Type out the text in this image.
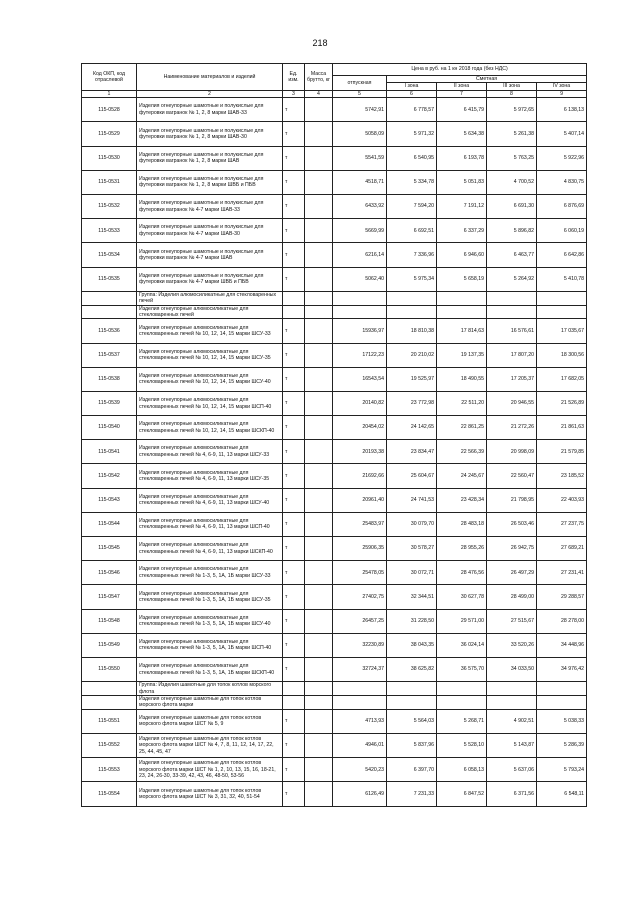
218
Код ОКП, код отраслевой	Наименование материалов и изделий	Ед. изм.	Масса брутто, кг	Цена в руб. на 1 кн 2018 года (без НДС)				
				отпускная	Сметная			
					I зона	II зона	III зона	IV зона
1	2	3	4	5	6	7	8	9
115-0528	Изделия огнеупорные шамотные и полукислые для футеровки вагранок № 1, 2, 8 марки ШАВ-33	т		5742,91	6 778,57	6 415,79	5 972,65	6 138,13
115-0529	Изделия огнеупорные шамотные и полукислые для футеровки вагранок № 1, 2, 8 марки ШАВ-30	т		5058,09	5 971,32	5 634,38	5 261,38	5 407,14
115-0530	Изделия огнеупорные шамотные и полукислые для футеровки вагранок № 1, 2, 8 марки ШАВ	т		5541,59	6 540,95	6 193,78	5 763,25	5 922,96
115-0531	Изделия огнеупорные шамотные и полукислые для футеровки вагранок № 1, 2, 8 марки ШВБ и ПБВ	т		4518,71	5 334,78	5 051,83	4 700,52	4 830,75
115-0532	Изделия огнеупорные шамотные и полукислые для футеровки вагранок № 4-7 марки ШАВ-33	т		6433,92	7 594,20	7 191,12	6 691,30	6 876,69
115-0533	Изделия огнеупорные шамотные и полукислые для футеровки вагранок № 4-7 марки ШАВ-30	т		5669,99	6 692,51	6 337,29	5 896,82	6 060,19
115-0534	Изделия огнеупорные шамотные и полукислые для футеровки вагранок № 4-7 марки ШАВ	т		6216,14	7 336,96	6 946,60	6 463,77	6 642,86
115-0535	Изделия огнеупорные шамотные и полукислые для футеровки вагранок № 4-7 марки ШВБ и ПБВ	т		5062,40	5 975,34	5 658,19	5 264,92	5 410,78
	Группа: Изделия алюмосиликатные для стекловаренных печей							
	Изделия огнеупорные алюмосиликатные для стекловаренных печей							
115-0536	Изделия огнеупорные алюмосиликатные для стекловаренных печей № 10, 12, 14, 15 марки ШСУ-33	т		15936,97	18 810,38	17 814,63	16 576,61	17 035,67
115-0537	Изделия огнеупорные алюмосиликатные для стекловаренных печей № 10, 12, 14, 15 марки ШСУ-35	т		17122,23	20 210,02	19 137,35	17 807,20	18 300,56
115-0538	Изделия огнеупорные алюмосиликатные для стекловаренных печей № 10, 12, 14, 15 марки ШСУ-40	т		16543,54	19 525,97	18 490,55	17 205,37	17 682,05
115-0539	Изделия огнеупорные алюмосиликатные для стекловаренных печей № 10, 12, 14, 15 марки ШСП-40	т		20140,82	23 772,98	22 511,20	20 946,55	21 526,89
115-0540	Изделия огнеупорные алюмосиликатные для стекловаренных печей № 10, 12, 14, 15 марки ШСКП-40	т		20454,02	24 142,65	22 861,25	21 272,26	21 861,63
115-0541	Изделия огнеупорные алюмосиликатные для стекловаренных печей № 4, 6-9, 11, 13 марки ШСУ-33	т		20193,38	23 834,47	22 566,39	20 998,09	21 579,85
115-0542	Изделия огнеупорные алюмосиликатные для стекловаренных печей № 4, 6-9, 11, 13 марки ШСУ-35	т		21692,66	25 604,67	24 245,67	22 560,47	23 185,52
115-0543	Изделия огнеупорные алюмосиликатные для стекловаренных печей № 4, 6-9, 11, 13 марки ШСУ-40	т		20961,40	24 741,53	23 428,34	21 798,95	22 403,93
115-0544	Изделия огнеупорные алюмосиликатные для стекловаренных печей № 4, 6-9, 11, 13 марки ШСП-40	т		25483,97	30 079,70	28 483,18	26 503,46	27 237,75
115-0545	Изделия огнеупорные алюмосиликатные для стекловаренных печей № 4, 6-9, 11, 13 марки ШСКП-40	т		25906,35	30 578,27	28 955,26	26 942,75	27 689,21
115-0546	Изделия огнеупорные алюмосиликатные для стекловаренных печей № 1-3, 5, 1А, 1Б марки ШСУ-33	т		25478,05	30 072,71	28 476,56	26 497,29	27 231,41
115-0547	Изделия огнеупорные алюмосиликатные для стекловаренных печей № 1-3, 5, 1А, 1Б марки ШСУ-35	т		27402,75	32 344,51	30 627,78	28 499,00	29 288,57
115-0548	Изделия огнеупорные алюмосиликатные для стекловаренных печей № 1-3, 5, 1А, 1Б марки ШСУ-40	т		26457,25	31 228,50	29 571,00	27 515,67	28 278,00
115-0549	Изделия огнеупорные алюмосиликатные для стекловаренных печей № 1-3, 5, 1А, 1Б марки ШСП-40	т		32230,89	38 043,35	36 024,14	33 520,26	34 448,96
115-0550	Изделия огнеупорные алюмосиликатные для стекловаренных печей № 1-3, 5, 1А, 1Б марки ШСКП-40	т		32724,37	38 625,82	36 575,70	34 033,50	34 976,42
	Группа: Изделия шамотные для топок котлов морского флота							
	Изделия огнеупорные шамотные для топок котлов морского флота марки							
115-0551	Изделия огнеупорные шамотные для топок котлов морского флота марки ШСТ № 5, 9	т		4713,93	5 564,03	5 268,71	4 902,51	5 038,33
115-0552	Изделия огнеупорные шамотные для топок котлов морского флота марки ШСТ № 4, 7, 8, 11, 12, 14, 17, 22, 25, 44, 45, 47	т		4946,01	5 837,96	5 528,10	5 143,87	5 286,39
115-0553	Изделия огнеупорные шамотные для топок котлов морского флота марки ШСТ № 1, 2, 10, 13, 15, 16, 18-21, 23, 24, 26-30, 33-39, 42, 43, 46, 48-50, 53-56	т		5420,23	6 397,70	6 058,13	5 637,06	5 793,24
115-0554	Изделия огнеупорные шамотные для топок котлов морского флота марки ШСТ № 3, 31, 32, 40, 51-54	т		6126,49	7 231,33	6 847,52	6 371,56	6 548,11
